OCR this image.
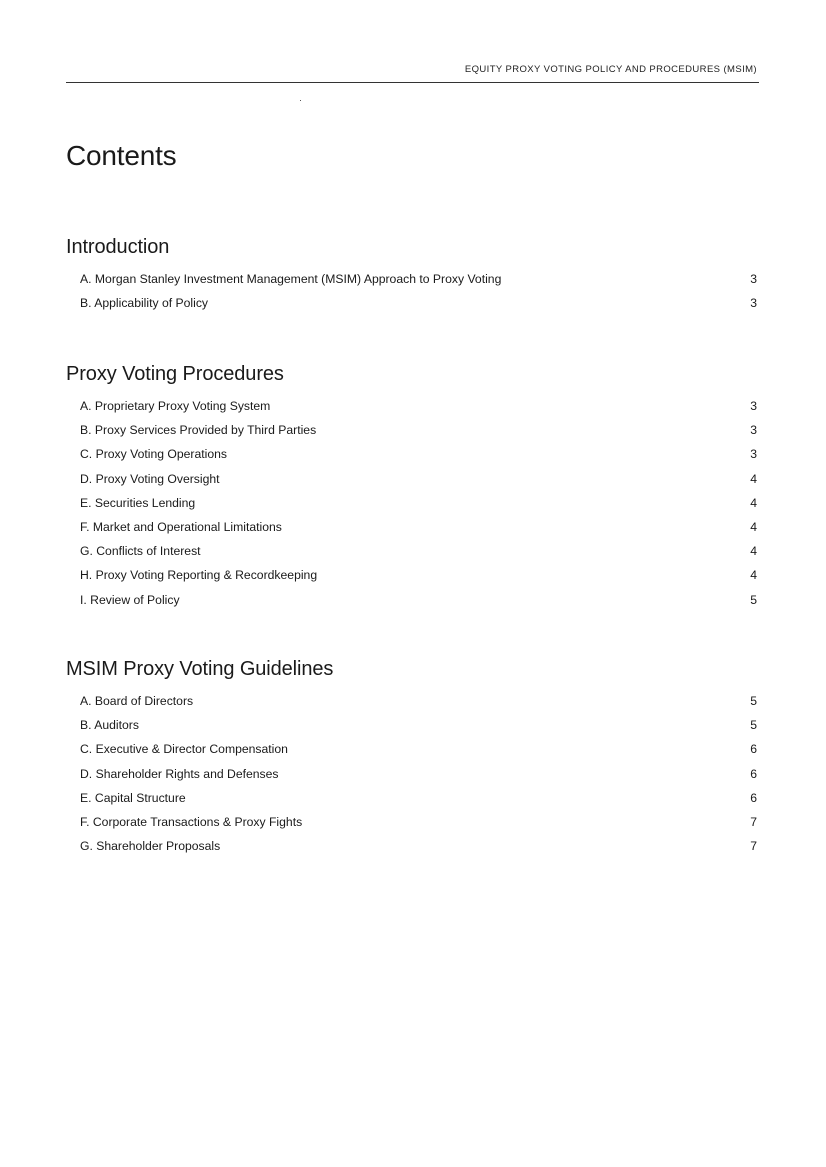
EQUITY PROXY VOTING POLICY AND PROCEDURES (MSIM)
Contents
Introduction
A. Morgan Stanley Investment Management (MSIM) Approach to Proxy Voting	3
B. Applicability of Policy	3
Proxy Voting Procedures
A. Proprietary Proxy Voting System	3
B. Proxy Services Provided by Third Parties	3
C. Proxy Voting Operations	3
D. Proxy Voting Oversight	4
E. Securities Lending	4
F. Market and Operational Limitations	4
G. Conflicts of Interest	4
H. Proxy Voting Reporting & Recordkeeping	4
I. Review of Policy	5
MSIM Proxy Voting Guidelines
A. Board of Directors	5
B. Auditors	5
C. Executive & Director Compensation	6
D. Shareholder Rights and Defenses	6
E. Capital Structure	6
F. Corporate Transactions & Proxy Fights	7
G. Shareholder Proposals	7
